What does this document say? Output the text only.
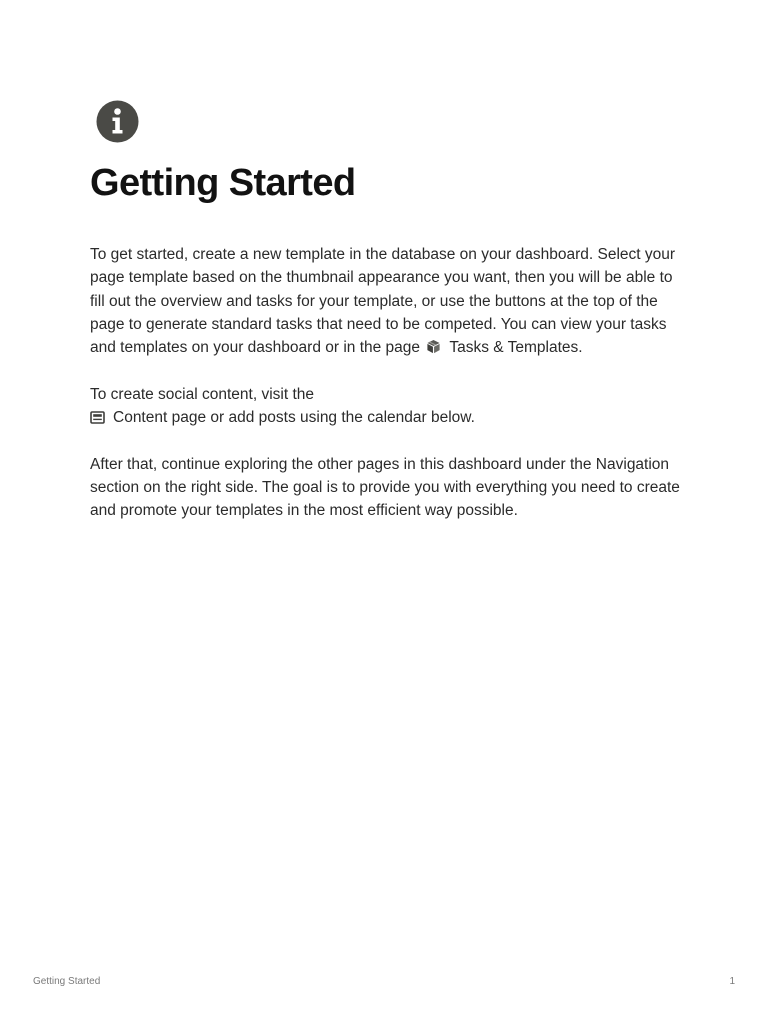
Getting Started

To get started, create a new template in the database on your dashboard. Select your page template based on the thumbnail appearance you want, then you will be able to fill out the overview and tasks for your template, or use the buttons at the top of the page to generate standard tasks that need to be competed. You can view your tasks and templates on your dashboard or in the page Tasks & Templates.

To create social content, visit the
Content page or add posts using the calendar below.

After that, continue exploring the other pages in this dashboard under the Navigation section on the right side. The goal is to provide you with everything you need to create and promote your templates in the most efficient way possible.

Getting Started	1
